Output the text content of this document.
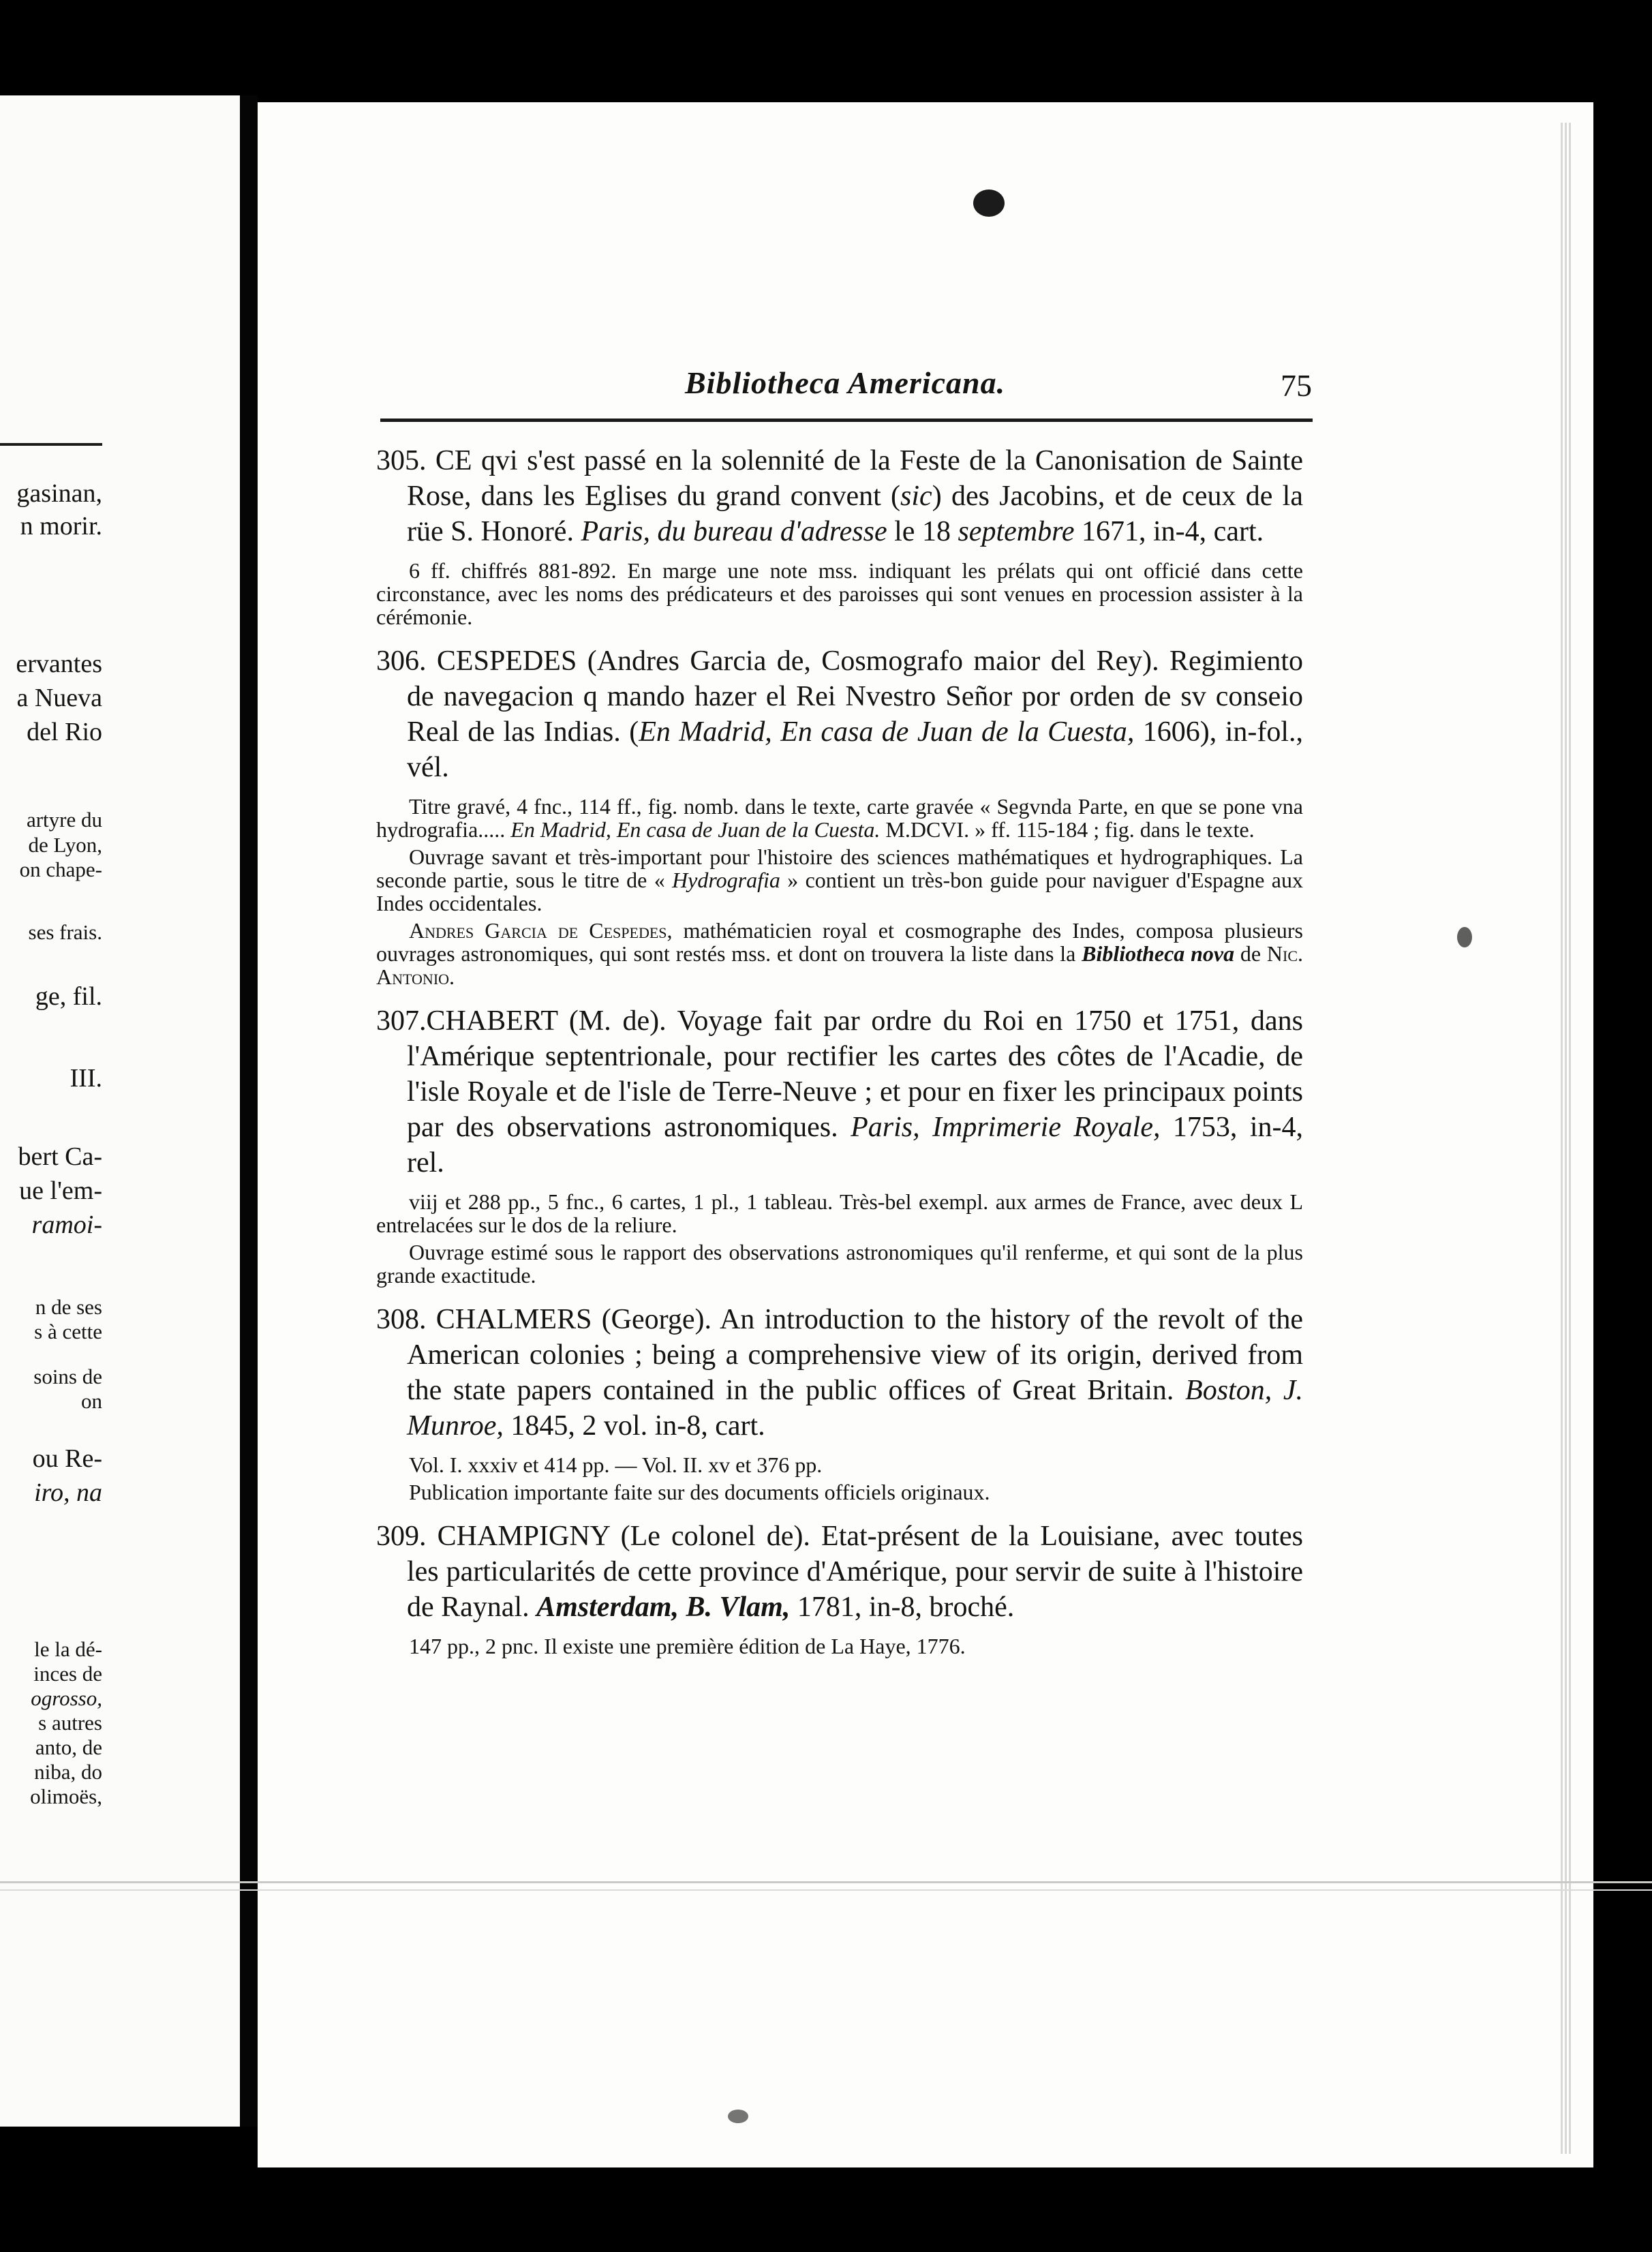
gasinan,
n morir.
ervantes
a Nueva
del Rio
artyre du
de Lyon,
on chape-
ses frais.
ge, fil.
III.
bert Ca-
ue l'em-
ramoi-
n de ses
s à cette
soins de
on
ou Re-
iro, na
le la dé-
inces de
ogrosso,
s autres
anto, de
niba, do
olimoës,
Bibliotheca Americana.	75
305. CE qvi s'est passé en la solennité de la Feste de la Canonisation de Sainte Rose, dans les Eglises du grand convent (sic) des Jacobins, et de ceux de la rüe S. Honoré. Paris, du bureau d'adresse le 18 septembre 1671, in-4, cart.
6 ff. chiffrés 881-892. En marge une note mss. indiquant les prélats qui ont officié dans cette circonstance, avec les noms des prédicateurs et des paroisses qui sont venues en procession assister à la cérémonie.
306. CESPEDES (Andres Garcia de, Cosmografo maior del Rey). Regimiento de navegacion q mando hazer el Rei Nvestro Señor por orden de sv conseio Real de las Indias. (En Madrid, En casa de Juan de la Cuesta, 1606), in-fol., vél.
Titre gravé, 4 fnc., 114 ff., fig. nomb. dans le texte, carte gravée « Segvnda Parte, en que se pone vna hydrografia..... En Madrid, En casa de Juan de la Cuesta. M.DCVI. » ff. 115-184 ; fig. dans le texte.
Ouvrage savant et très-important pour l'histoire des sciences mathématiques et hydrographiques. La seconde partie, sous le titre de « Hydrografia » contient un très-bon guide pour naviguer d'Espagne aux Indes occidentales.
Andres Garcia de Cespedes, mathématicien royal et cosmographe des Indes, composa plusieurs ouvrages astronomiques, qui sont restés mss. et dont on trouvera la liste dans la Bibliotheca nova de Nic. Antonio.
307.CHABERT (M. de). Voyage fait par ordre du Roi en 1750 et 1751, dans l'Amérique septentrionale, pour rectifier les cartes des côtes de l'Acadie, de l'isle Royale et de l'isle de Terre-Neuve ; et pour en fixer les principaux points par des observations astronomiques. Paris, Imprimerie Royale, 1753, in-4, rel.
viij et 288 pp., 5 fnc., 6 cartes, 1 pl., 1 tableau. Très-bel exempl. aux armes de France, avec deux L entrelacées sur le dos de la reliure.
Ouvrage estimé sous le rapport des observations astronomiques qu'il renferme, et qui sont de la plus grande exactitude.
308. CHALMERS (George). An introduction to the history of the revolt of the American colonies ; being a comprehensive view of its origin, derived from the state papers contained in the public offices of Great Britain. Boston, J. Munroe, 1845, 2 vol. in-8, cart.
Vol. I. xxxiv et 414 pp. — Vol. II. xv et 376 pp.
Publication importante faite sur des documents officiels originaux.
309. CHAMPIGNY (Le colonel de). Etat-présent de la Louisiane, avec toutes les particularités de cette province d'Amérique, pour servir de suite à l'histoire de Raynal. Amsterdam, B. Vlam, 1781, in-8, broché.
147 pp., 2 pnc. Il existe une première édition de La Haye, 1776.
